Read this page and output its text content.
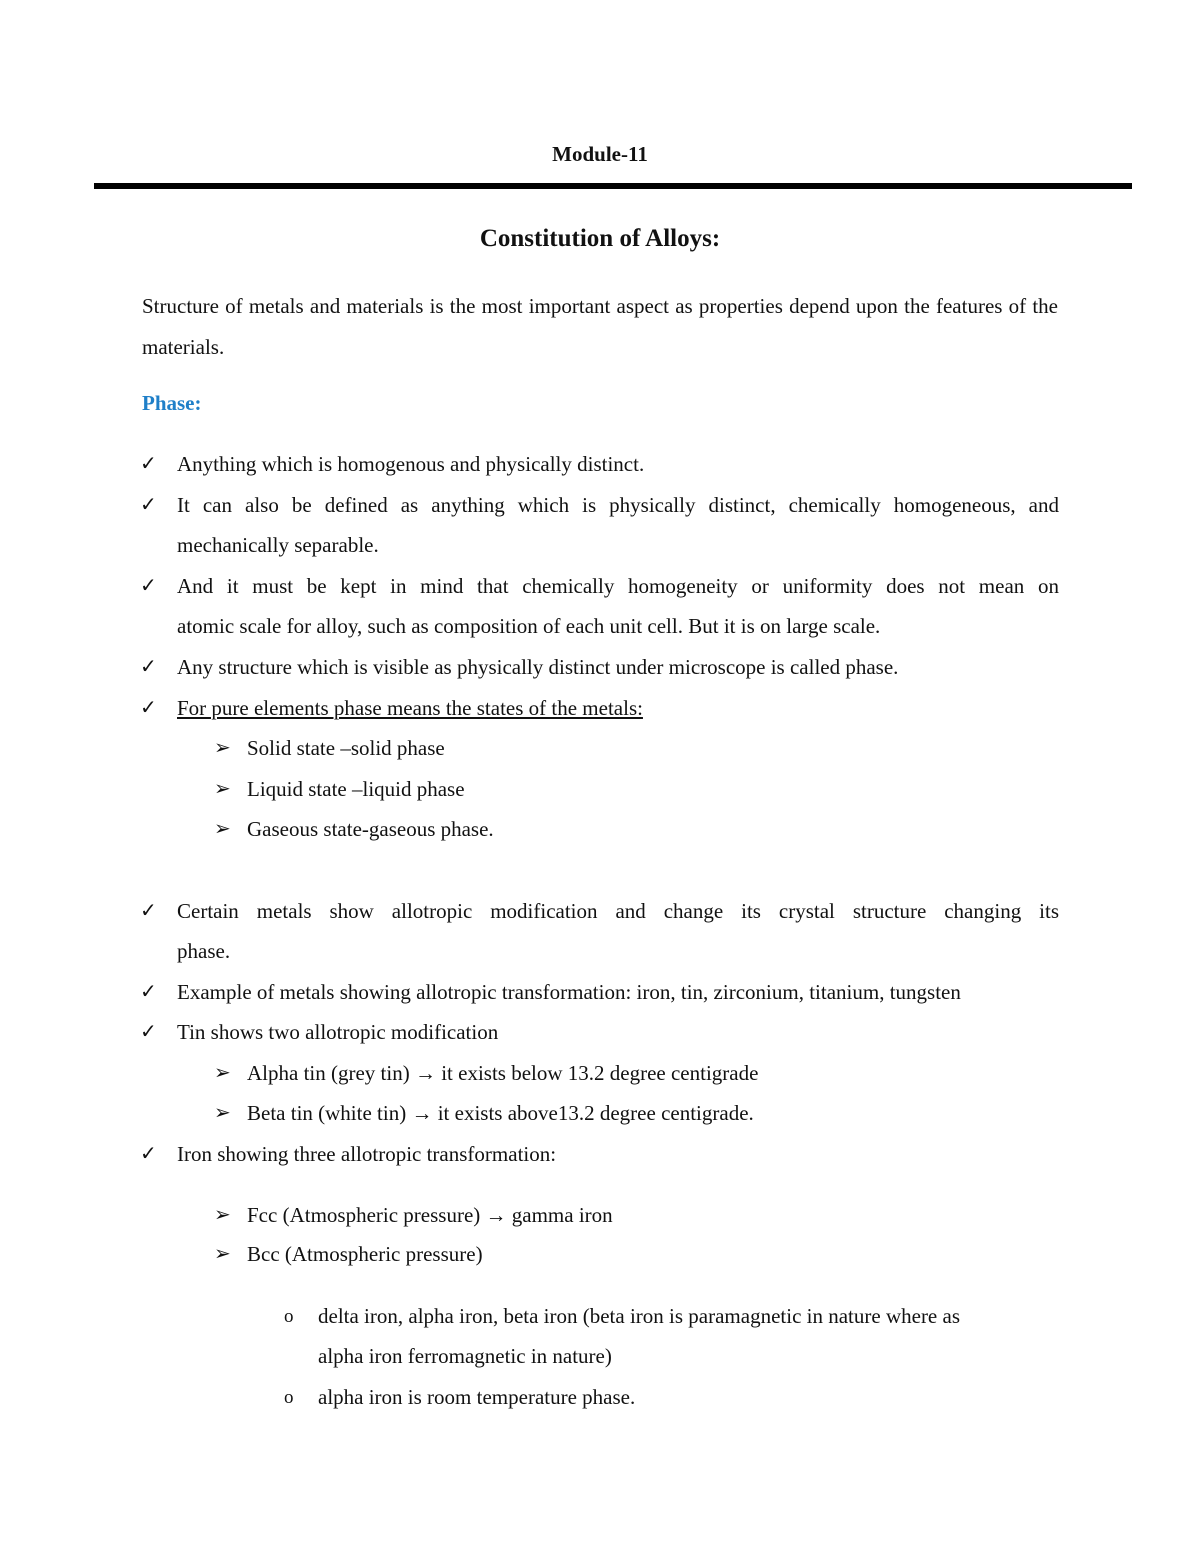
Module-11
Constitution of Alloys:
Structure of metals and materials is the most important aspect as properties depend upon the features of the materials.
Phase:
✓ Anything which is homogenous and physically distinct.
✓ It can also be defined as anything which is physically distinct, chemically homogeneous, and
mechanically separable.
✓ And it must be kept in mind that chemically homogeneity or uniformity does not mean on
atomic scale for alloy, such as composition of each unit cell. But it is on large scale.
✓ Any structure which is visible as physically distinct under microscope is called phase.
✓ For pure elements phase means the states of the metals:
➢ Solid state –solid phase
➢ Liquid state –liquid phase
➢ Gaseous state-gaseous phase.
✓ Certain metals show allotropic modification and change its crystal structure changing its
phase.
✓ Example of metals showing allotropic transformation: iron, tin, zirconium, titanium, tungsten
✓ Tin shows two allotropic modification
➢ Alpha tin (grey tin) → it exists below 13.2 degree centigrade
➢ Beta tin (white tin) → it exists above13.2 degree centigrade.
✓ Iron showing three allotropic transformation:
➢ Fcc (Atmospheric pressure) → gamma iron
➢ Bcc (Atmospheric pressure)
o delta iron, alpha iron, beta iron (beta iron is paramagnetic in nature where as
alpha iron ferromagnetic in nature)
o alpha iron is room temperature phase.
